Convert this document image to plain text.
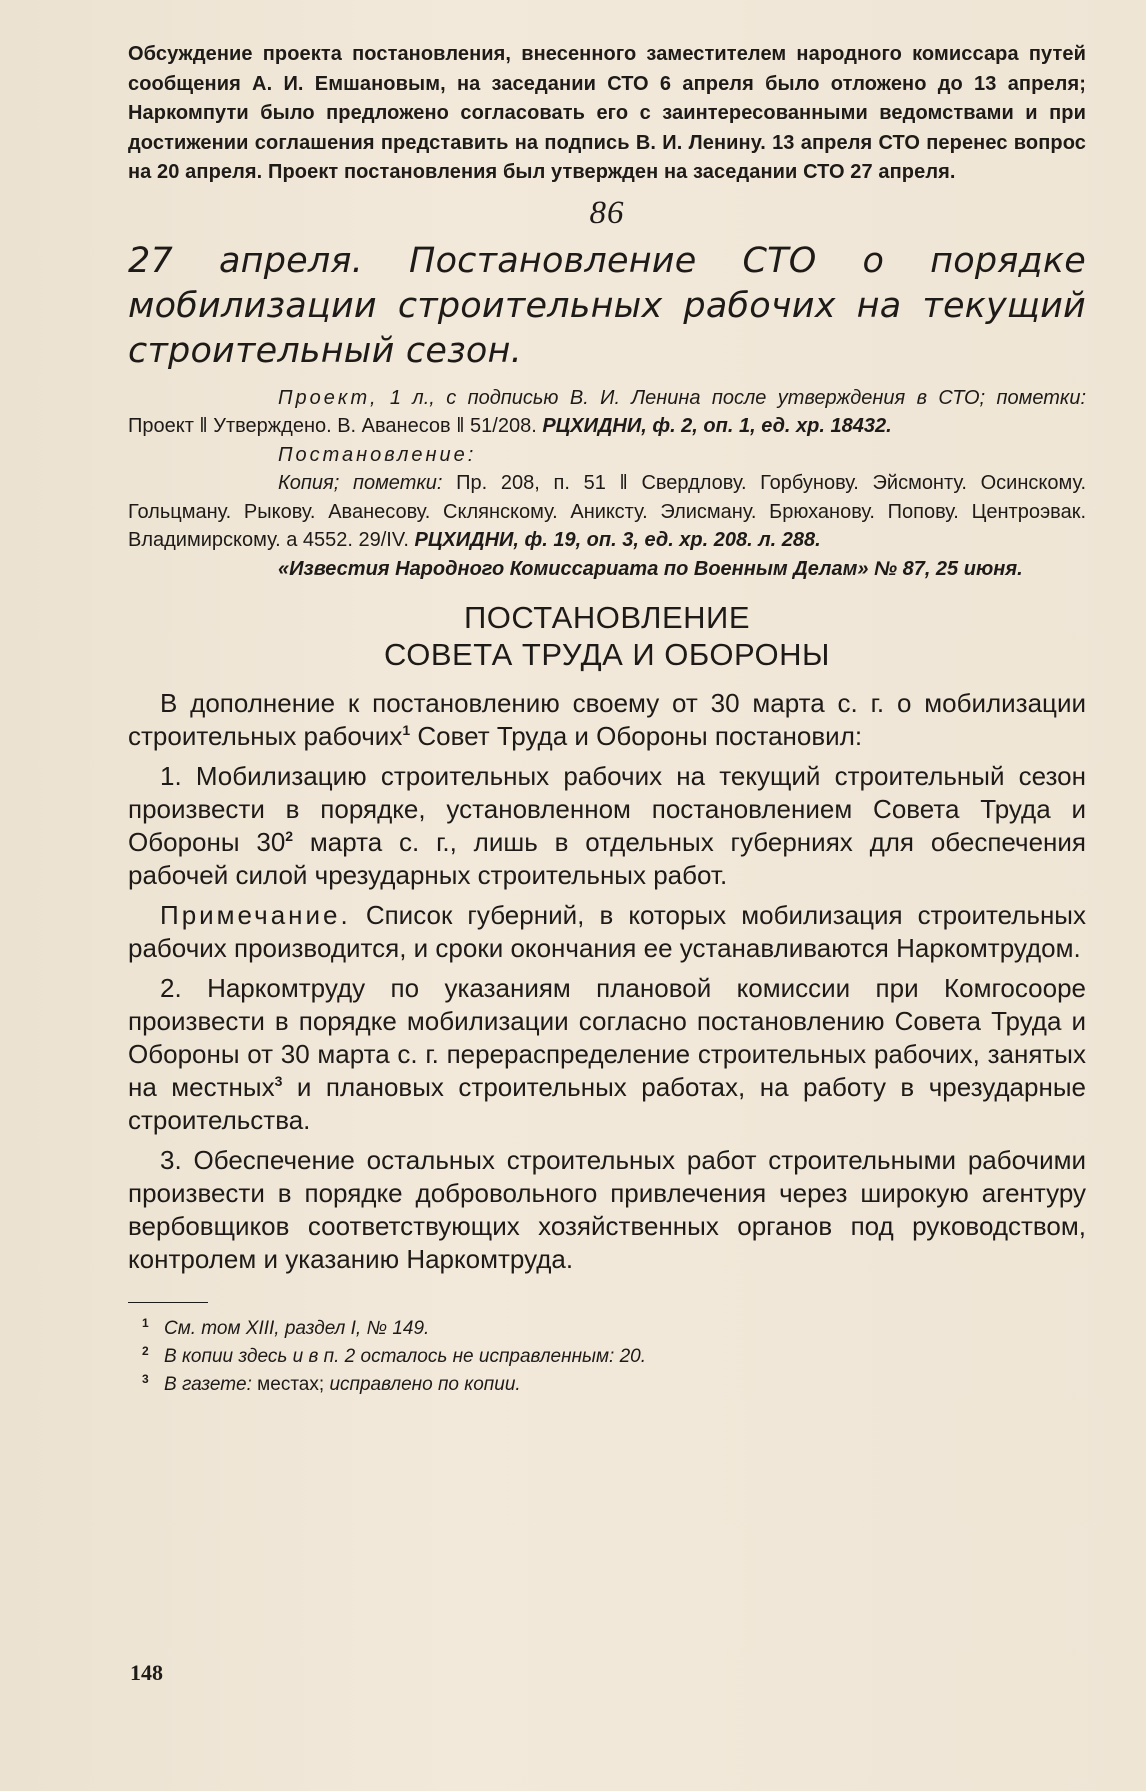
Обсуждение проекта постановления, внесенного заместителем народного комиссара путей сообщения А. И. Емшановым, на заседании СТО 6 апреля было отложено до 13 апреля; Наркомпути было предложено согласовать его с заинтересованными ведомствами и при достижении соглашения представить на подпись В. И. Ленину. 13 апреля СТО перенес вопрос на 20 апреля. Проект постановления был утвержден на заседании СТО 27 апреля.

86
27 апреля. Постановление СТО о порядке мобилизации строительных рабочих на текущий строительный сезон.

Проект, 1 л., с подписью В. И. Ленина после утверждения в СТО; пометки: Проект ‖ Утверждено. В. Аванесов ‖ 51/208. РЦХИДНИ, ф. 2, оп. 1, ед. хр. 18432.

Постановление:

Копия; пометки: Пр. 208, п. 51 ‖ Свердлову. Горбунову. Эйсмонту. Осинскому. Гольцману. Рыкову. Аванесову. Склянскому. Аникcту. Элисману. Брюханову. Попову. Центроэвак. Владимирскому. а 4552. 29/IV. РЦХИДНИ, ф. 19, оп. 3, ед. хр. 208. л. 288.

«Известия Народного Комиссариата по Военным Делам» № 87, 25 июня.

ПОСТАНОВЛЕНИЕ
СОВЕТА ТРУДА И ОБОРОНЫ

В дополнение к постановлению своему от 30 марта с. г. о мобилизации строительных рабочих$^1$ Совет Труда и Обороны постановил:

1. Мобилизацию строительных рабочих на текущий строительный сезон произвести в порядке, установленном постановлением Совета Труда и Обороны $30^2$ марта с. г., лишь в отдельных губерниях для обеспечения рабочей силой чрезударных строительных работ.

Примечание. Список губерний, в которых мобилизация строительных рабочих производится, и сроки окончания ее устанавливаются Наркомтрудом.

2. Наркомтруду по указаниям плановой комиссии при Комгосооре произвести в порядке мобилизации согласно постановлению Совета Труда и Обороны от 30 марта с. г. перераспределение строительных рабочих, занятых на местных$^3$ и плановых строительных работах, на работу в чрезударные строительства.

3. Обеспечение остальных строительных работ строительными рабочими произвести в порядке добровольного привлечения через широкую агентуру вербовщиков соответствующих хозяйственных органов под руководством, контролем и указанию Наркомтруда.

1 См. том XIII, раздел I, № 149.
2 В копии здесь и в п. 2 осталось не исправленным: 20.
3 В газете: местах; исправлено по копии.
148
